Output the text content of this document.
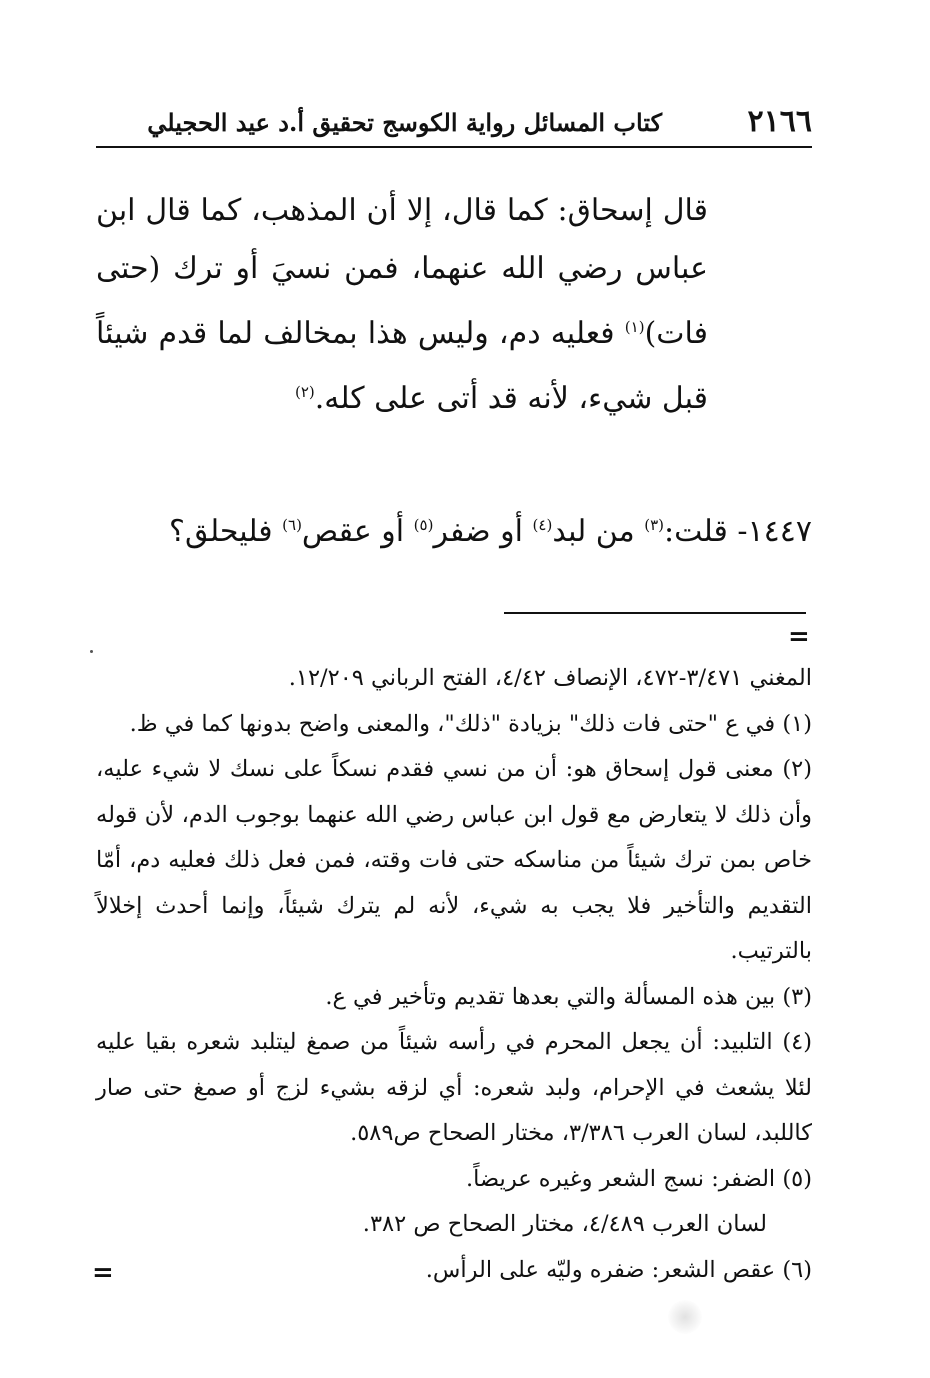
٢١٦٦
كتاب المسائل رواية الكوسج تحقيق أ.د عيد الحجيلي

قال إسحاق: كما قال، إلا أن المذهب، كما قال ابن عباس رضي الله عنهما، فمن نسيَ أو ترك (حتى فات)$^{(١)}$ فعليه دم، وليس هذا بمخالف لما قدم شيئاً قبل شيء، لأنه قد أتى على كله.$^{(٢)}$

١٤٤٧- قلت:$^{(٣)}$ من لبد$^{(٤)}$ أو ضفر$^{(٥)}$ أو عقص$^{(٦)}$ فليحلق؟
=

المغني ٣/٤٧١-٤٧٢، الإنصاف ٤/٤٢، الفتح الرباني ١٢/٢٠٩.

(١) في ع "حتى فات ذلك" بزيادة "ذلك"، والمعنى واضح بدونها كما في ظ.

(٢) معنى قول إسحاق هو: أن من نسي فقدم نسكاً على نسك لا شيء عليه، وأن ذلك لا يتعارض مع قول ابن عباس رضي الله عنهما بوجوب الدم، لأن قوله خاص بمن ترك شيئاً من مناسكه حتى فات وقته، فمن فعل ذلك فعليه دم، أمّا التقديم والتأخير فلا يجب به شيء، لأنه لم يترك شيئاً، وإنما أحدث إخلالاً بالترتيب.

(٣) بين هذه المسألة والتي بعدها تقديم وتأخير في ع.

(٤) التلبيد: أن يجعل المحرم في رأسه شيئاً من صمغ ليتلبد شعره بقيا عليه لئلا يشعث في الإحرام، ولبد شعره: أي لزقه بشيء لزج أو صمغ حتى صار كاللبد، لسان العرب ٣/٣٨٦، مختار الصحاح ص٥٨٩.

(٥) الضفر: نسج الشعر وغيره عريضاً.

لسان العرب ٤/٤٨٩، مختار الصحاح ص ٣٨٢.

(٦) عقص الشعر: ضفره وليّه على الرأس.

=
